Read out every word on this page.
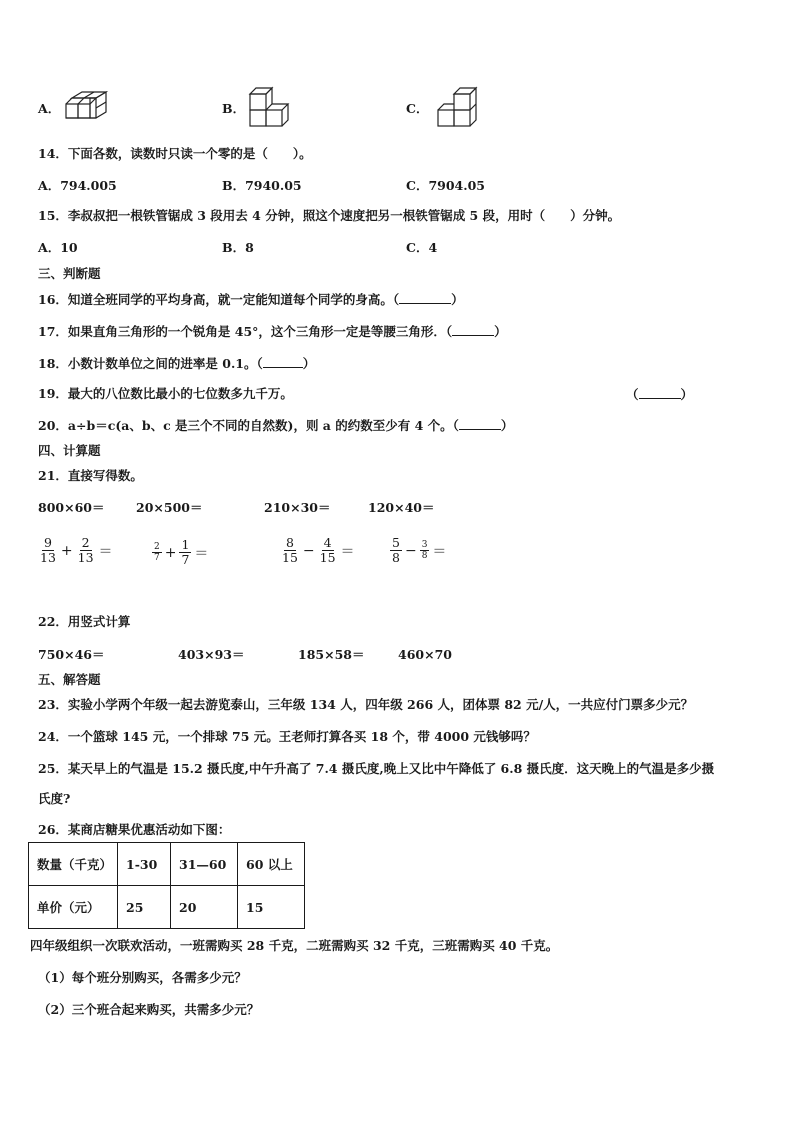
A．	B．	C．
14．下面各数，读数时只读一个零的是（　　）。
A．794.005	B．7940.05	C．7904.05
15．李叔叔把一根铁管锯成 3 段用去 4 分钟，照这个速度把另一根铁管锯成 5 段，用时（　　）分钟。
A．10	B．8	C．4
三、判断题
16．知道全班同学的平均身高，就一定能知道每个同学的身高。（	）
17．如果直角三角形的一个锐角是 45°，这个三角形一定是等腰三角形．（	）
18．小数计数单位之间的进率是 0.1。（	）
19．最大的八位数比最小的七位数多九千万。	（	）
20．a÷b＝c(a、b、c 是三个不同的自然数)，则 a 的约数至少有 4 个。（	）
四、计算题
21．直接写得数。
800×60＝	20×500＝	210×30＝	120×40＝
$\frac{9}{13} + \frac{2}{13}$ ＝	$\frac{2}{7} + \frac{1}{7}$ ＝	$\frac{8}{15} - \frac{4}{15}$ ＝	$\frac{5}{8} - \frac{3}{8}$ ＝
22．用竖式计算
750×46＝	403×93＝	185×58＝	460×70
五、解答题
23．实验小学两个年级一起去游览泰山，三年级 134 人，四年级 266 人，团体票 82 元/人，一共应付门票多少元？
24．一个篮球 145 元，一个排球 75 元。王老师打算各买 18 个，带 4000 元钱够吗？
25．某天早上的气温是 15.2 摄氏度,中午升高了 7.4 摄氏度,晚上又比中午降低了 6.8 摄氏度．这天晚上的气温是多少摄
氏度?
26．某商店糖果优惠活动如下图：
数量（千克）	1-30	31—60	60 以上
单价（元）	25	20	15
四年级组织一次联欢活动，一班需购买 28 千克，二班需购买 32 千克，三班需购买 40 千克。
（1）每个班分别购买，各需多少元？
（2）三个班合起来购买，共需多少元？
